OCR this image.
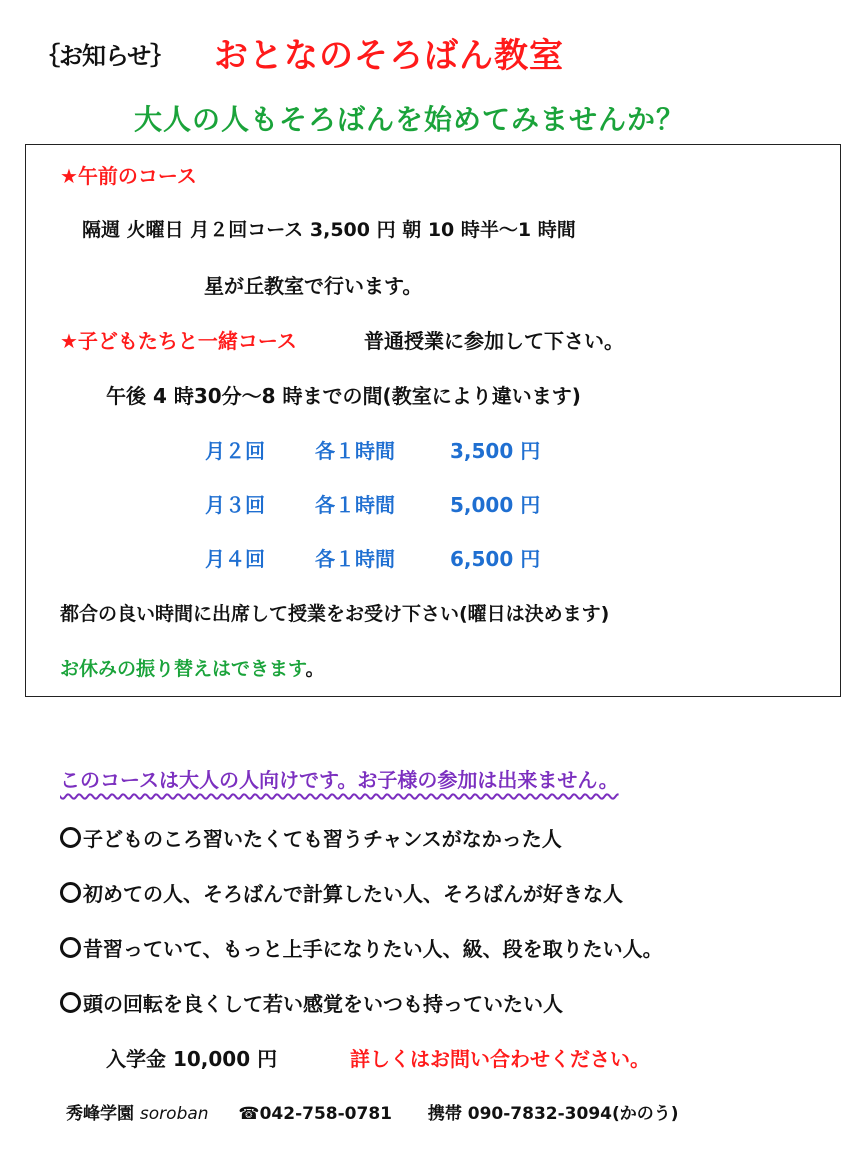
｛お知らせ｝ おとなのそろばん教室
大人の人もそろばんを始めてみませんか？
★午前のコース
隔週 火曜日 月２回コース 3,500 円 朝 10 時半～1 時間
星が丘教室で行います。
★子どもたちと一緒コース	普通授業に参加して下さい。
午後 4 時30分～8 時までの間(教室により違います)
月２回	各１時間	3,500 円
月３回	各１時間	5,000 円
月４回	各１時間	6,500 円
都合の良い時間に出席して授業をお受け下さい(曜日は決めます)
お休みの振り替えはできます。
このコースは大人の人向けです。お子様の参加は出来ません。
子どものころ習いたくても習うチャンスがなかった人
初めての人、そろばんで計算したい人、そろばんが好きな人
昔習っていて、もっと上手になりたい人、級、段を取りたい人。
頭の回転を良くして若い感覚をいつも持っていたい人
入学金 10,000 円	詳しくはお問い合わせください。
秀峰学園 soroban ☎042-758-0781 携帯 090-7832-3094(かのう)
